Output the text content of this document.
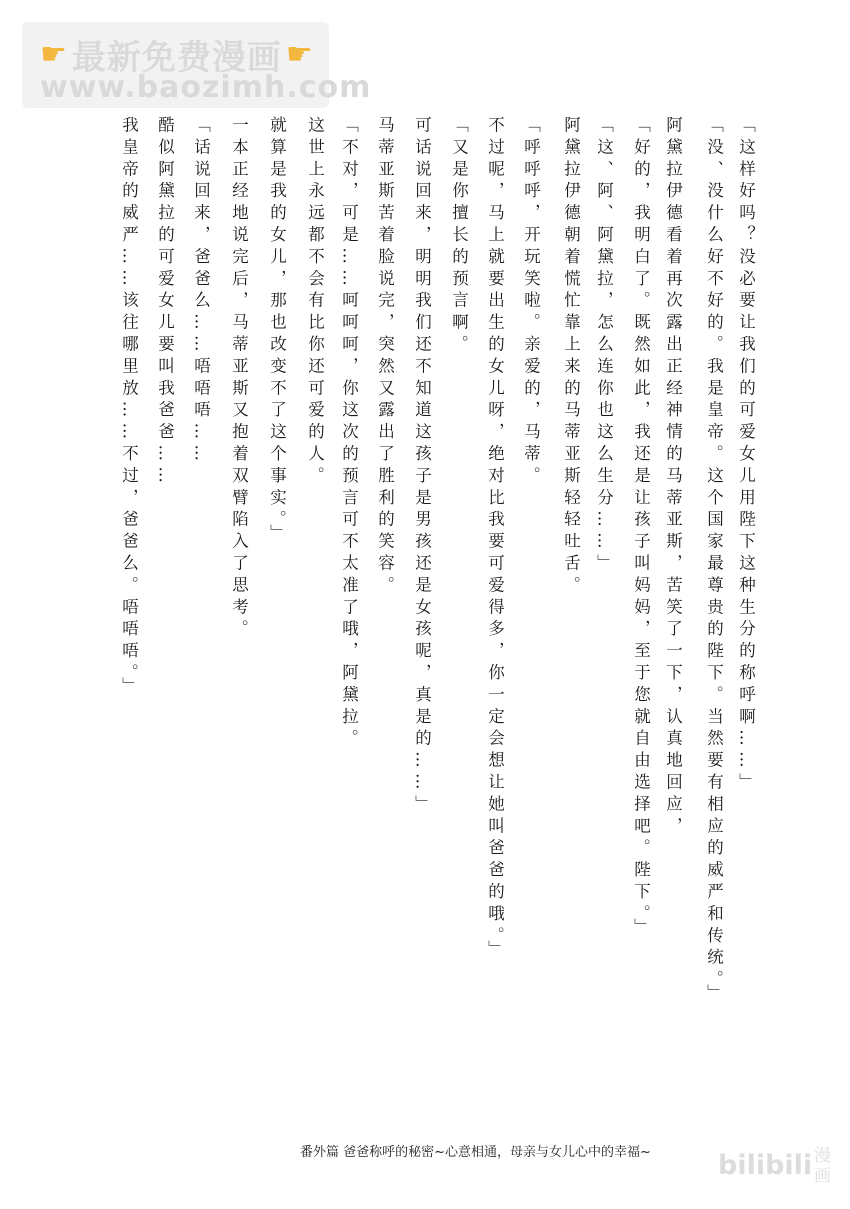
☛ 最新免费漫画 ☛
www.baozimh.com
「这样好吗？没必要让我们的可爱女儿用陛下这种生分的称呼啊……」
「没、没什么好不好的。我是皇帝。这个国家最尊贵的陛下。当然要有相应的威严和传统。」
阿黛拉伊德看着再次露出正经神情的马蒂亚斯，苦笑了一下，认真地回应，
「好的，我明白了。既然如此，我还是让孩子叫妈妈，至于您就自由选择吧。陛下。」
「这、阿、阿黛拉，怎么连你也这么生分……」
阿黛拉伊德朝着慌忙靠上来的马蒂亚斯轻轻吐舌。
「呼呼呼，开玩笑啦。亲爱的，马蒂。
不过呢，马上就要出生的女儿呀，绝对比我要可爱得多，你一定会想让她叫爸爸的哦。」
「又是你擅长的预言啊。
可话说回来，明明我们还不知道这孩子是男孩还是女孩呢，真是的……」
马蒂亚斯苦着脸说完，突然又露出了胜利的笑容。
「不对，可是……呵呵呵，你这次的预言可不太准了哦，阿黛拉。
这世上永远都不会有比你还可爱的人。
就算是我的女儿，那也改变不了这个事实。」
一本正经地说完后，马蒂亚斯又抱着双臂陷入了思考。
「话说回来，爸爸么……唔唔唔……
酷似阿黛拉的可爱女儿要叫我爸爸……
我皇帝的威严……该往哪里放……不过，爸爸么。唔唔唔。」
番外篇 爸爸称呼的秘密~心意相通，母亲与女儿心中的幸福~ bilibili 漫画
